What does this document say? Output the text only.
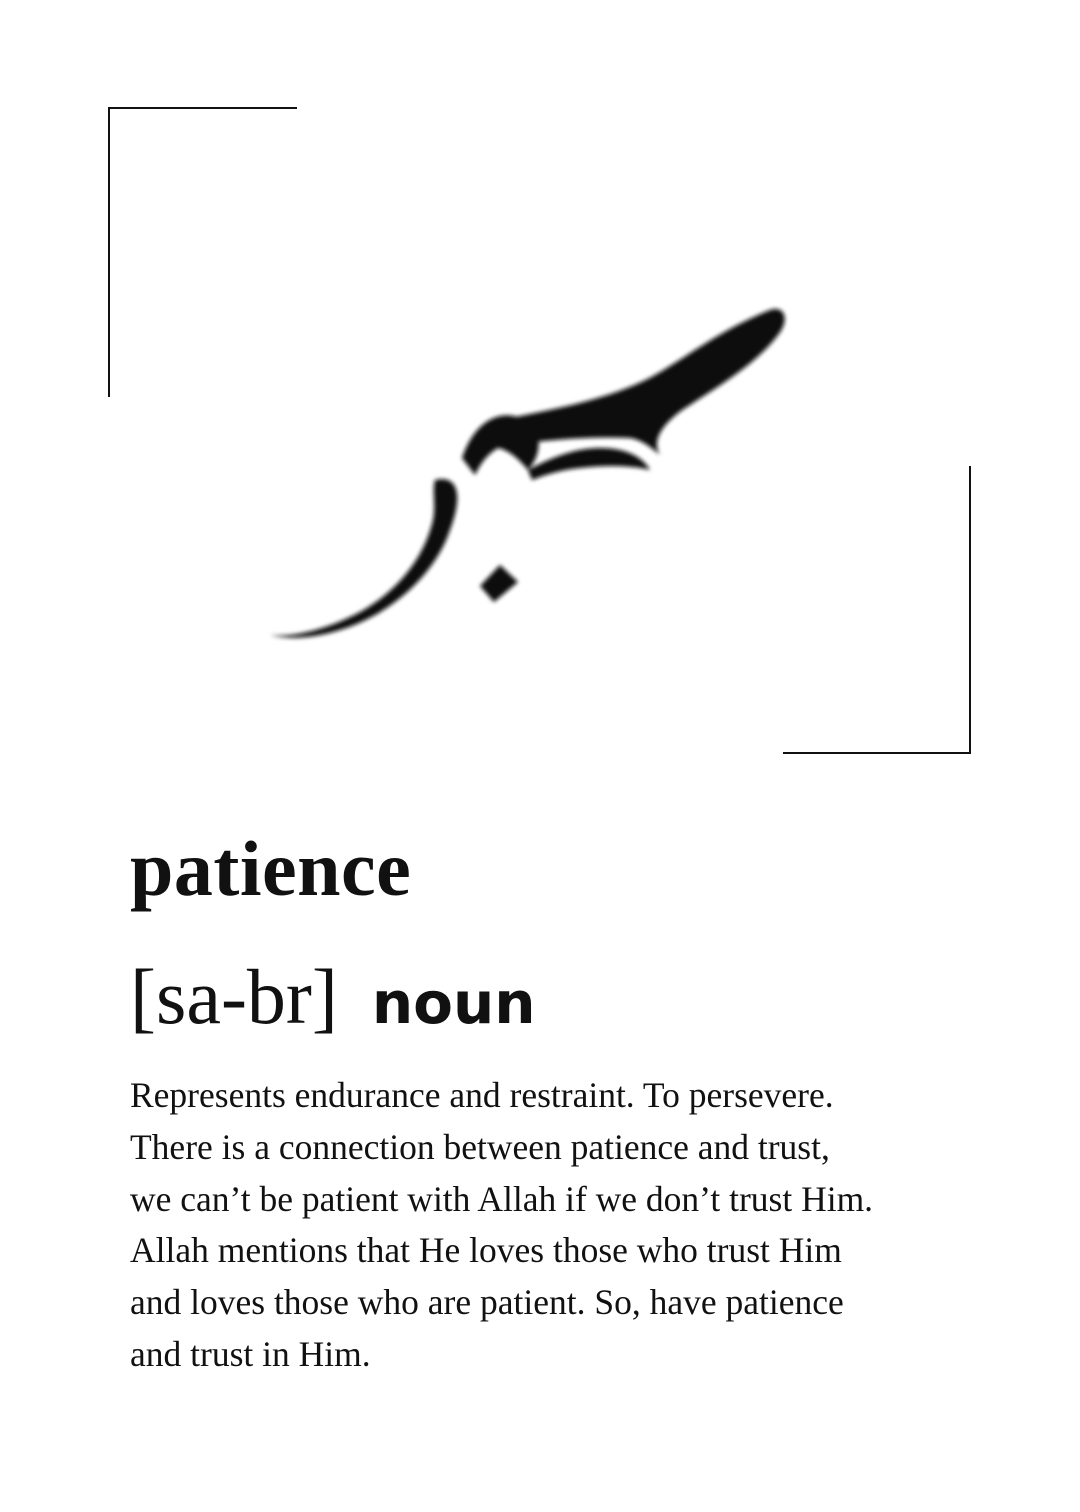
patience
[sa-br] noun
Represents endurance and restraint. To persevere.
There is a connection between patience and trust,
we can’t be patient with Allah if we don’t trust Him.
Allah mentions that He loves those who trust Him
and loves those who are patient. So, have patience
and trust in Him.
